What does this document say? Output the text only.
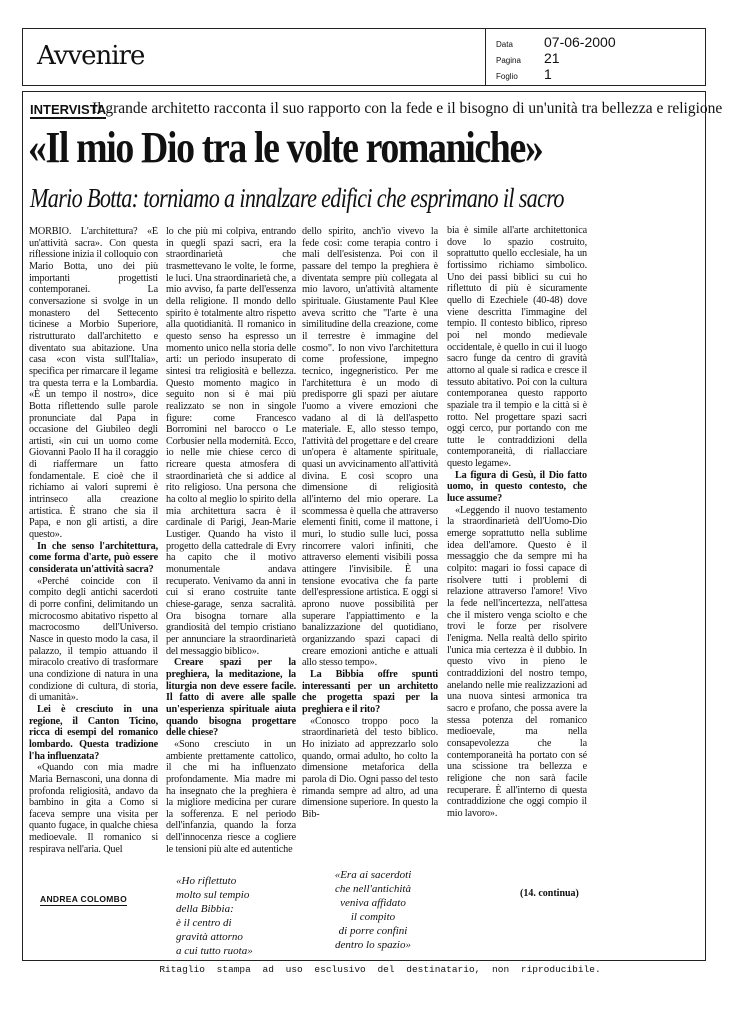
Avvenire	Data 07-06-2000
Pagina 21
Foglio 1
INTERVISTA
Il grande architetto racconta il suo rapporto con la fede e il bisogno di un'unità tra bellezza e religione
«Il mio Dio tra le volte romaniche»
Mario Botta: torniamo a innalzare edifici che esprimano il sacro

MORBIO. L'architettura? «È un'attività sacra». Con questa riflessione inizia il colloquio con Mario Botta, uno dei più importanti progettisti contemporanei. La conversazione si svolge in un monastero del Settecento ticinese a Morbio Superiore, ristrutturato dall'architetto e diventato sua abitazione. Una casa «con vista sull'Italia», specifica per rimarcare il legame tra questa terra e la Lombardia. «È un tempo il nostro», dice Botta riflettendo sulle parole pronunciate dal Papa in occasione del Giubileo degli artisti, «in cui un uomo come Giovanni Paolo II ha il coraggio di riaffermare un fatto fondamentale. E cioè che il richiamo ai valori supremi è intrinseco alla creazione artistica. È strano che sia il Papa, e non gli artisti, a dire questo».

In che senso l'architettura, come forma d'arte, può essere considerata un'attività sacra?

«Perché coincide con il compito degli antichi sacerdoti di porre confini, delimitando un microcosmo abitativo rispetto al macrocosmo dell'Universo. Nasce in questo modo la casa, il palazzo, il tempio attuando il miracolo creativo di trasformare una condizione di natura in una condizione di cultura, di storia, di umanità».

Lei è cresciuto in una regione, il Canton Ticino, ricca di esempi del romanico lombardo. Questa tradizione l'ha influenzata?

«Quando con mia madre Maria Bernasconi, una donna di profonda religiosità, andavo da bambino in gita a Como si faceva sempre una visita per quanto fugace, in qualche chiesa medioevale. Il romanico si respirava nell'aria. Quel

lo che più mi colpiva, entrando in quegli spazi sacri, era la straordinarietà che trasmettevano le volte, le forme, le luci. Una straordinarietà che, a mio avviso, fa parte dell'essenza della religione. Il mondo dello spirito è totalmente altro rispetto alla quotidianità. Il romanico in questo senso ha espresso un momento unico nella storia delle arti: un periodo insuperato di sintesi tra religiosità e bellezza. Questo momento magico in seguito non si è mai più realizzato se non in singole figure: come Francesco Borromini nel barocco o Le Corbusier nella modernità. Ecco, io nelle mie chiese cerco di ricreare questa atmosfera di straordinarietà che si addice al rito religioso. Una persona che ha colto al meglio lo spirito della mia architettura sacra è il cardinale di Parigi, Jean-Marie Lustiger. Quando ha visto il progetto della cattedrale di Evry ha capito che il motivo monumentale andava recuperato. Venivamo da anni in cui si erano costruite tante chiese-garage, senza sacralità. Ora bisogna tornare alla grandiosità del tempio cristiano per annunciare la straordinarietà del messaggio biblico».

Creare spazi per la preghiera, la meditazione, la liturgia non deve essere facile. Il fatto di avere alle spalle un'esperienza spirituale aiuta quando bisogna progettare delle chiese?

«Sono cresciuto in un ambiente prettamente cattolico, il che mi ha influenzato profondamente. Mia madre mi ha insegnato che la preghiera è la migliore medicina per curare la sofferenza. E nel periodo dell'infanzia, quando la forza dell'innocenza riesce a cogliere le tensioni più alte ed autentiche

dello spirito, anch'io vivevo la fede così: come terapia contro i mali dell'esistenza. Poi con il passare del tempo la preghiera è diventata sempre più collegata al mio lavoro, un'attività altamente spirituale. Giustamente Paul Klee aveva scritto che "l'arte è una similitudine della creazione, come il terrestre è immagine del cosmo". Io non vivo l'architettura come professione, impegno tecnico, ingegneristico. Per me l'architettura è un modo di predisporre gli spazi per aiutare l'uomo a vivere emozioni che vadano al di là dell'aspetto materiale. E, allo stesso tempo, l'attività del progettare e del creare un'opera è altamente spirituale, quasi un avvicinamento all'attività divina. E così scopro una dimensione di religiosità all'interno del mio operare. La scommessa è quella che attraverso elementi finiti, come il mattone, i muri, lo studio sulle luci, possa rincorrere valori infiniti, che attraverso elementi visibili possa attingere l'invisibile. È una tensione evocativa che fa parte dell'espressione artistica. E oggi si aprono nuove possibilità per superare l'appiattimento e la banalizzazione del quotidiano, organizzando spazi capaci di creare emozioni antiche e attuali allo stesso tempo».

La Bibbia offre spunti interessanti per un architetto che progetta spazi per la preghiera e il rito?

«Conosco troppo poco la straordinarietà del testo biblico. Ho iniziato ad apprezzarlo solo quando, ormai adulto, ho colto la dimensione metaforica della parola di Dio. Ogni passo del testo rimanda sempre ad altro, ad una dimensione superiore. In questo la Bib-

bia è simile all'arte architettonica dove lo spazio costruito, soprattutto quello ecclesiale, ha un fortissimo richiamo simbolico. Uno dei passi biblici su cui ho riflettuto di più è sicuramente quello di Ezechiele (40-48) dove viene descritta l'immagine del tempio. Il contesto biblico, ripreso poi nel mondo medievale occidentale, è quello in cui il luogo sacro funge da centro di gravità attorno al quale si radica e cresce il tessuto abitativo. Poi con la cultura contemporanea questo rapporto spaziale tra il tempio e la città si è rotto. Nel progettare spazi sacri oggi cerco, pur portando con me tutte le contraddizioni della contemporaneità, di riallacciare questo legame».

La figura di Gesù, il Dio fatto uomo, in questo contesto, che luce assume?

«Leggendo il nuovo testamento la straordinarietà dell'Uomo-Dio emerge soprattutto nella sublime idea dell'amore. Questo è il messaggio che da sempre mi ha colpito: magari io fossi capace di risolvere tutti i problemi di relazione attraverso l'amore! Vivo la fede nell'incertezza, nell'attesa che il mistero venga sciolto e che trovi le forze per risolvere l'enigma. Nella realtà dello spirito l'unica mia certezza è il dubbio. In questo vivo in pieno le contraddizioni del nostro tempo, anelando nelle mie realizzazioni ad una nuova sintesi armonica tra sacro e profano, che possa avere la stessa potenza del romanico medioevale, ma nella consapevolezza che la contemporaneità ha portato con sé una scissione tra bellezza e religione che non sarà facile recuperare. È all'interno di questa contraddizione che oggi compio il mio lavoro».

(14. continua)
«Ho riflettuto
molto sul tempio
della Bibbia:
è il centro di
gravità attorno
a cui tutto ruota»
«Era ai sacerdoti
che nell'antichità
veniva affidato
il compito
di porre confini
dentro lo spazio»
ANDREA COLOMBO
Ritaglio stampa ad uso esclusivo del destinatario, non riproducibile.
